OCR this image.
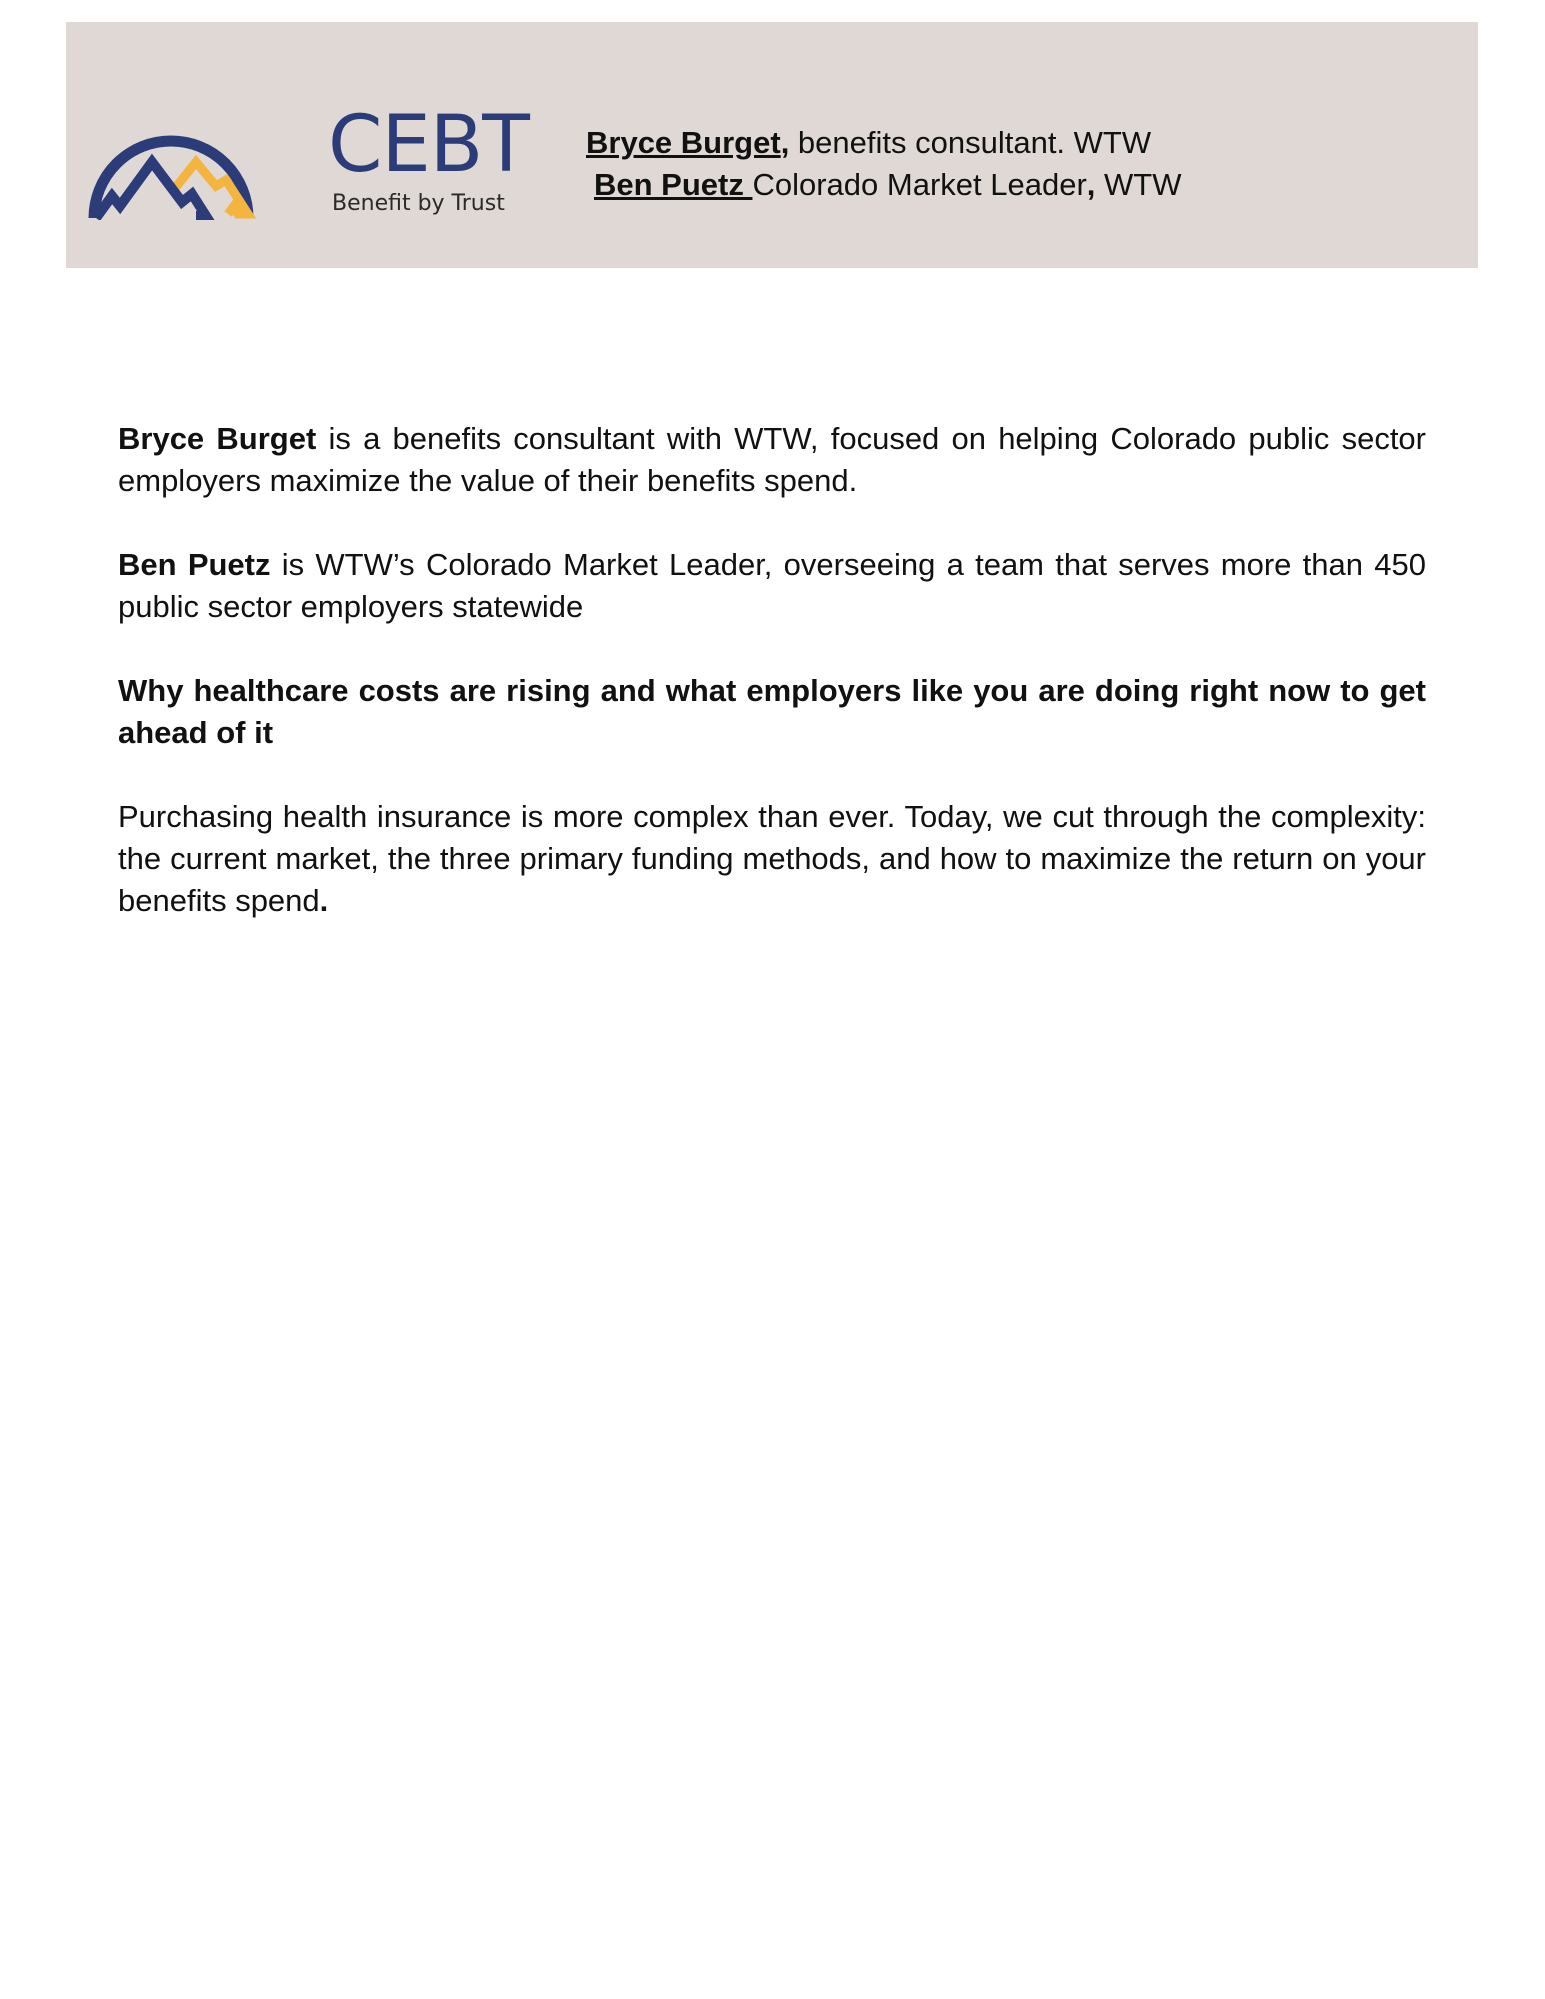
CEBT
Benefit by Trust
Bryce Burget, benefits consultant. WTW
Ben Puetz Colorado Market Leader, WTW

Bryce Burget is a benefits consultant with WTW, focused on helping Colorado public sector employers maximize the value of their benefits spend.

Ben Puetz is WTW’s Colorado Market Leader, overseeing a team that serves more than 450 public sector employers statewide

Why healthcare costs are rising and what employers like you are doing right now to get ahead of it

Purchasing health insurance is more complex than ever. Today, we cut through the complexity: the current market, the three primary funding methods, and how to maximize the return on your benefits spend.
